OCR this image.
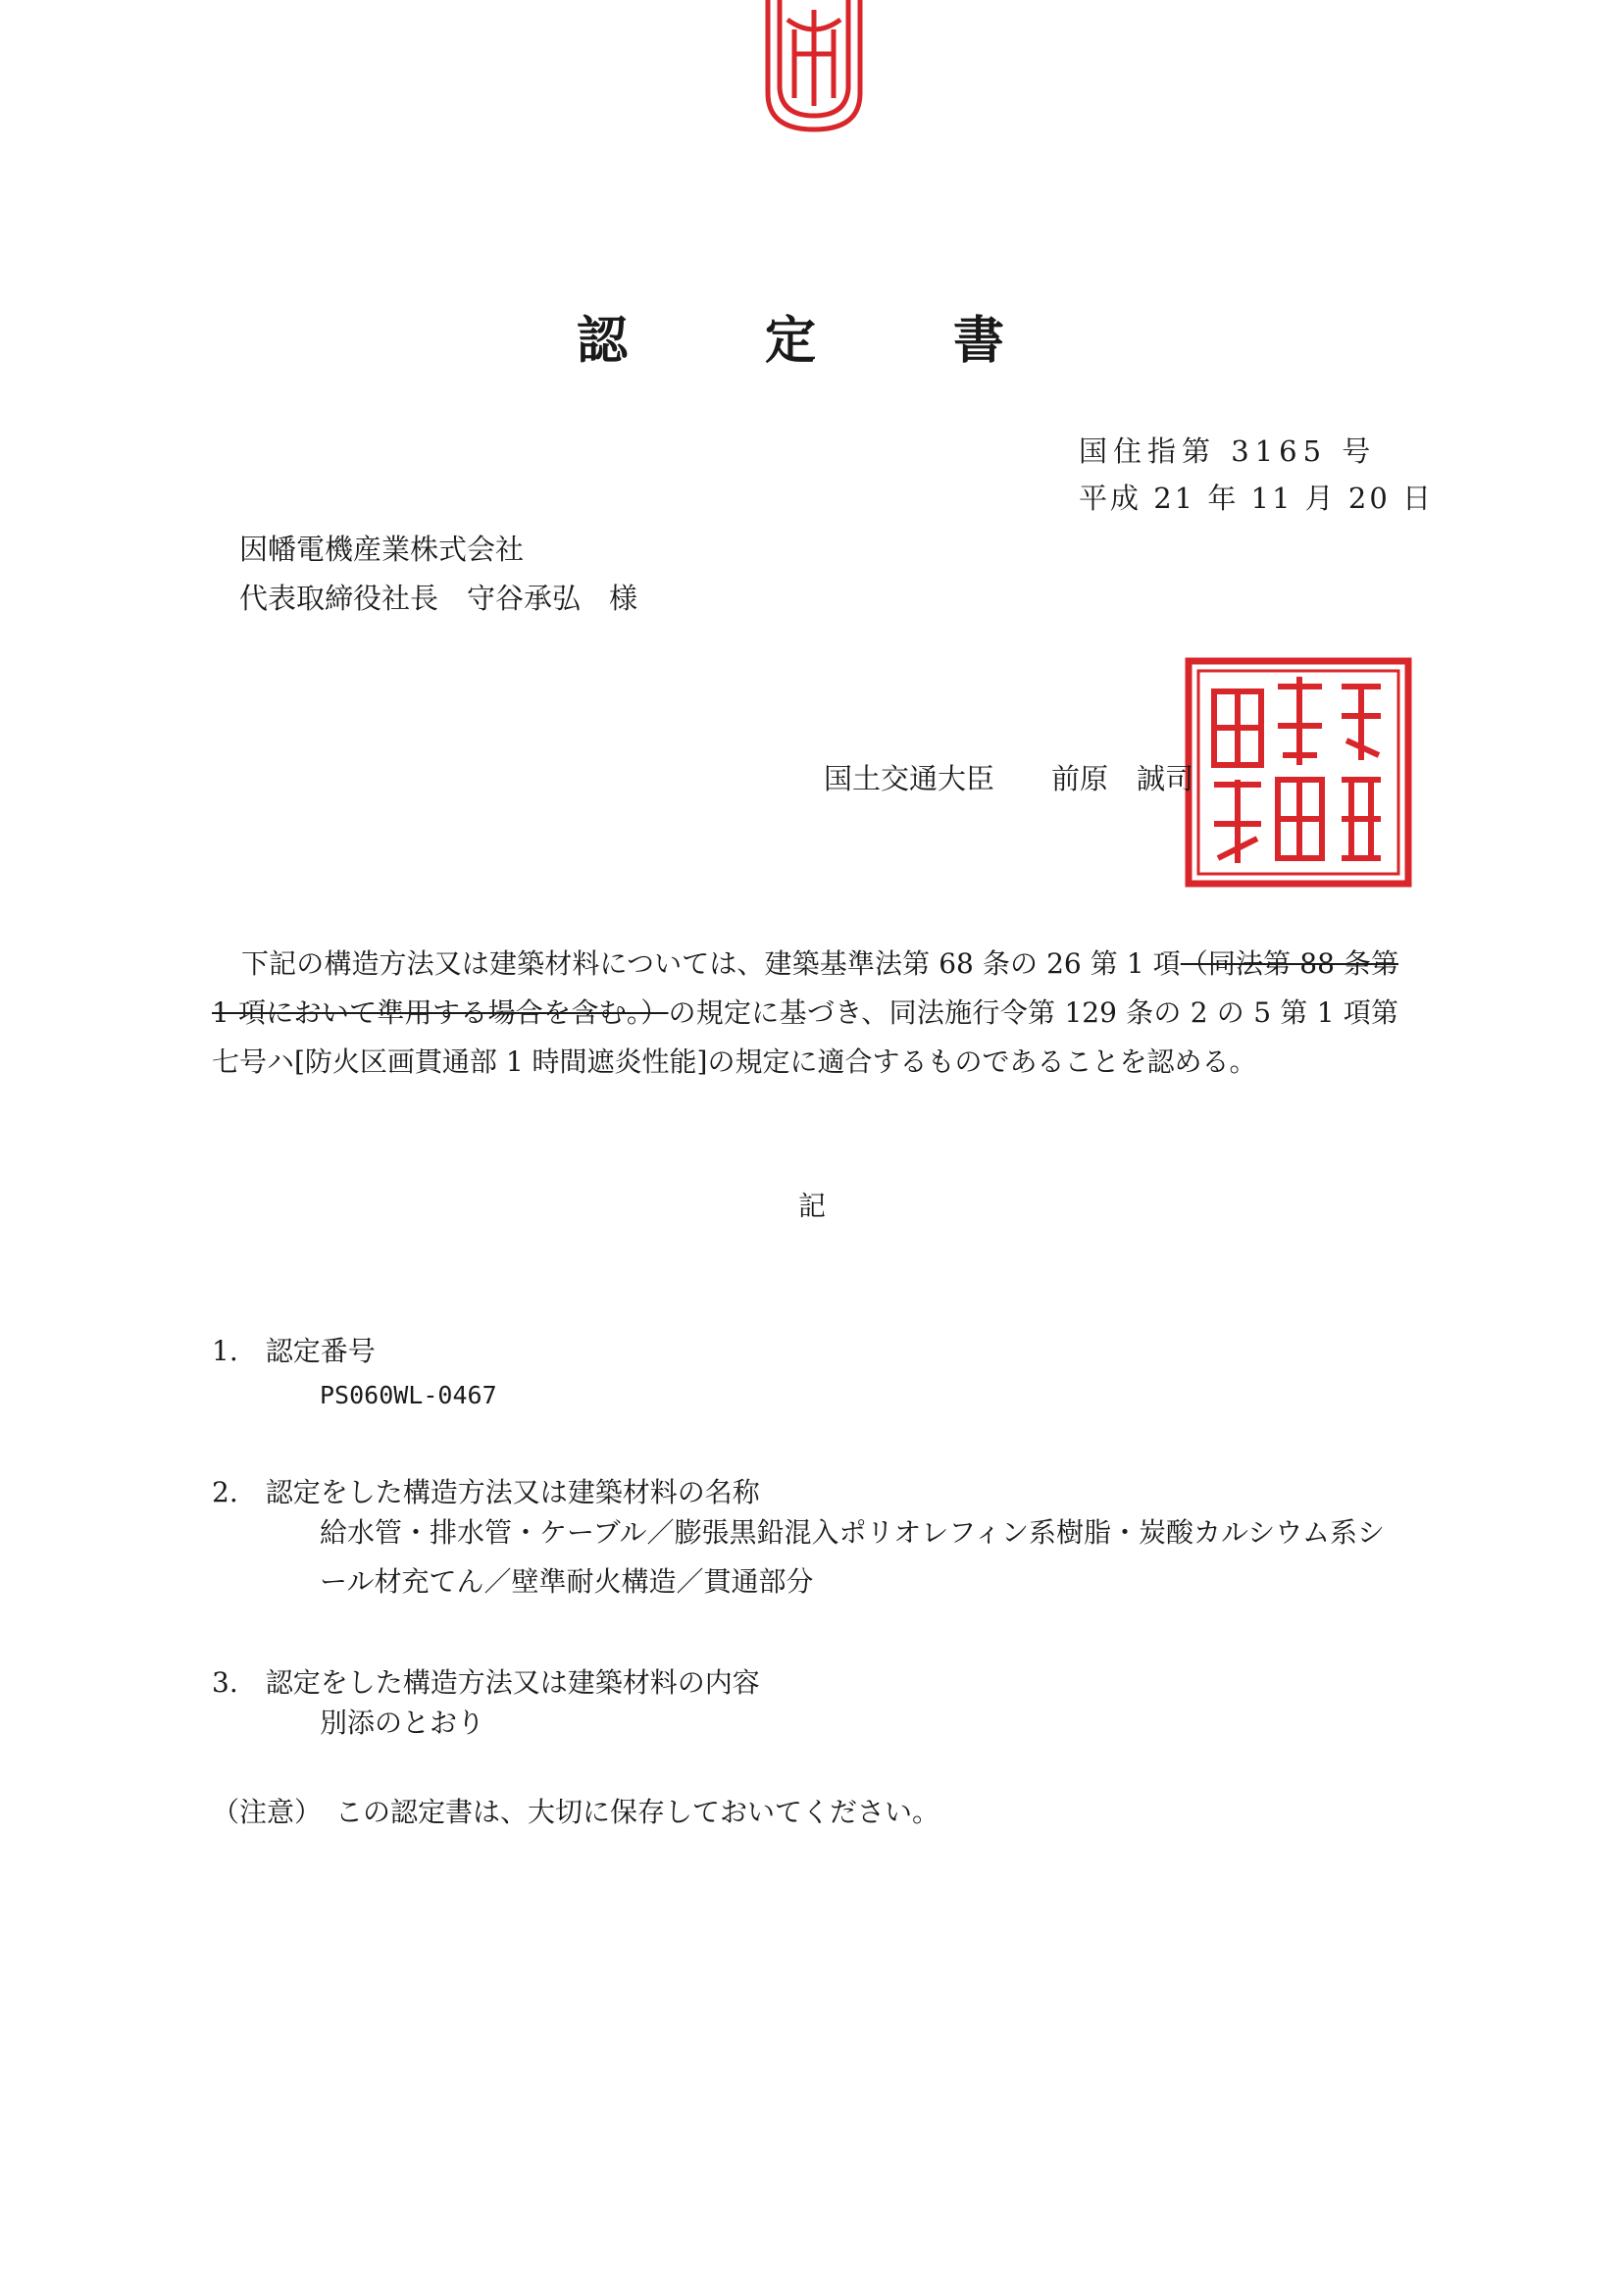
認　定　書
国住指第 3165 号
平成 21 年 11 月 20 日
因幡電機産業株式会社
代表取締役社長　守谷承弘　様
国土交通大臣　　前原　誠司
下記の構造方法又は建築材料については、建築基準法第 68 条の 26 第 1 項（同法第 88 条第 1 項において準用する場合を含む。）の規定に基づき、同法施行令第 129 条の 2 の 5 第 1 項第七号ハ[防火区画貫通部 1 時間遮炎性能]の規定に適合するものであることを認める。
記
1.　認定番号
PS060WL-0467
2.　認定をした構造方法又は建築材料の名称
給水管・排水管・ケーブル／膨張黒鉛混入ポリオレフィン系樹脂・炭酸カルシウム系シール材充てん／壁準耐火構造／貫通部分
3.　認定をした構造方法又は建築材料の内容
別添のとおり
（注意）　この認定書は、大切に保存しておいてください。
